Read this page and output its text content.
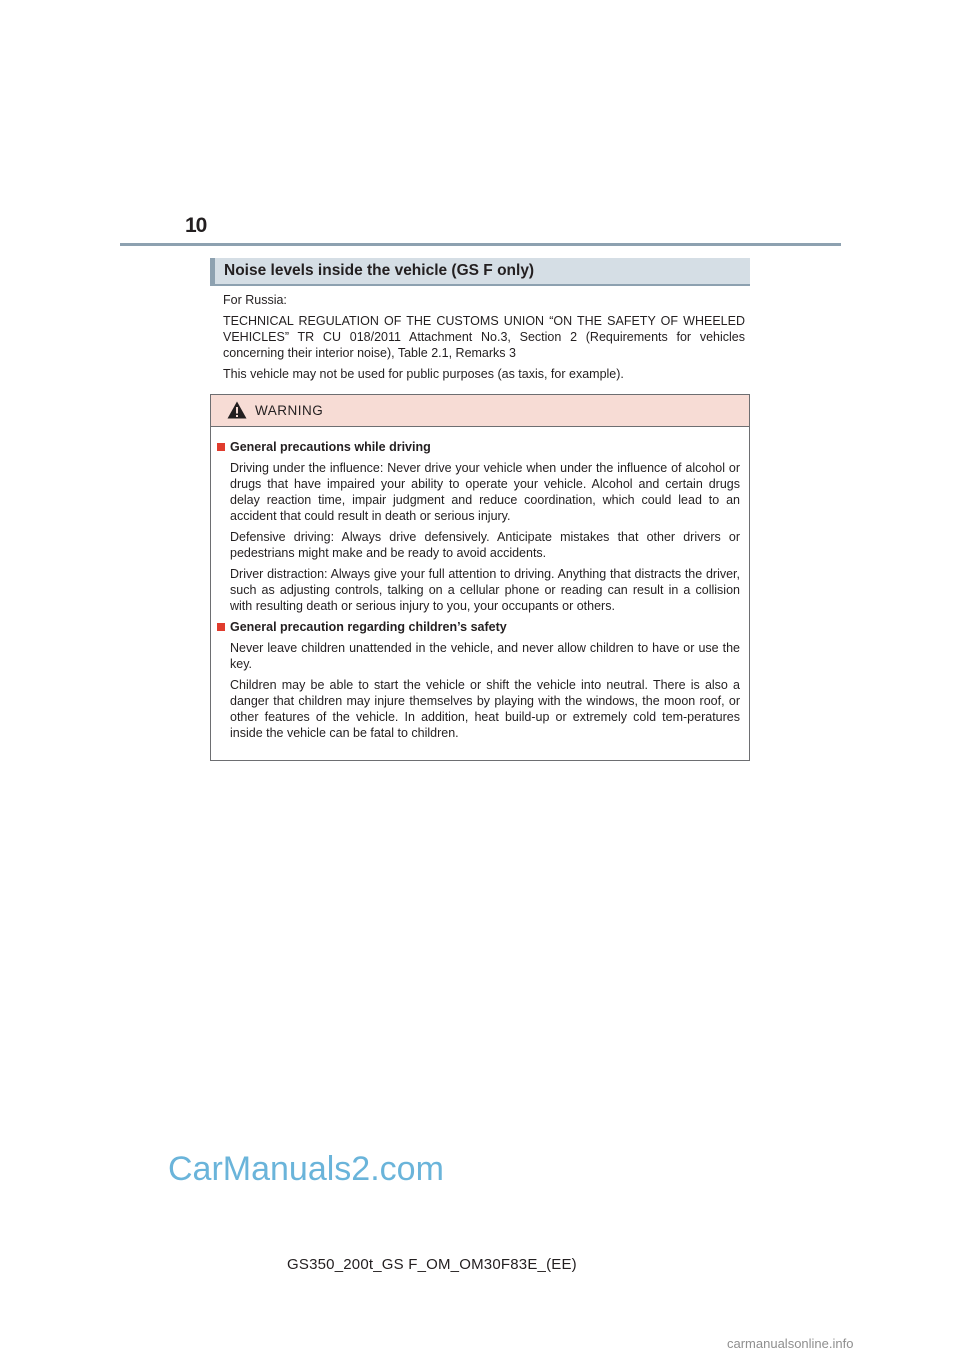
10
Noise levels inside the vehicle (GS F only)

For Russia:

TECHNICAL REGULATION OF THE CUSTOMS UNION “ON THE SAFETY OF WHEELED VEHICLES” TR CU 018/2011 Attachment No.3, Section 2 (Requirements for vehicles concerning their interior noise), Table 2.1, Remarks 3

This vehicle may not be used for public purposes (as taxis, for example).

WARNING
General precautions while driving

Driving under the influence: Never drive your vehicle when under the influence of alcohol or drugs that have impaired your ability to operate your vehicle. Alcohol and certain drugs delay reaction time, impair judgment and reduce coordination, which could lead to an accident that could result in death or serious injury.

Defensive driving: Always drive defensively. Anticipate mistakes that other drivers or pedestrians might make and be ready to avoid accidents.

Driver distraction: Always give your full attention to driving. Anything that distracts the driver, such as adjusting controls, talking on a cellular phone or reading can result in a collision with resulting death or serious injury to you, your occupants or others.

General precaution regarding children’s safety

Never leave children unattended in the vehicle, and never allow children to have or use the key.

Children may be able to start the vehicle or shift the vehicle into neutral. There is also a danger that children may injure themselves by playing with the windows, the moon roof, or other features of the vehicle. In addition, heat build-up or extremely cold tem-peratures inside the vehicle can be fatal to children.

CarManuals2.com
GS350_200t_GS F_OM_OM30F83E_(EE)
carmanualsonline.info
